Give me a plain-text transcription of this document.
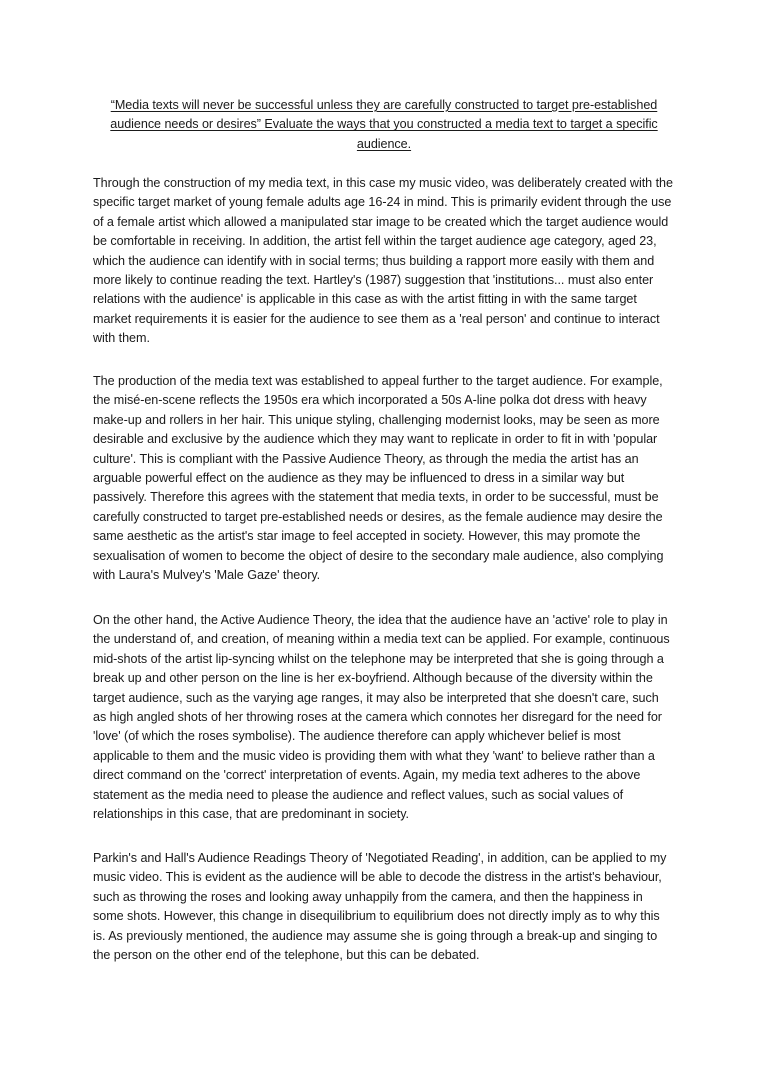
“Media texts will never be successful unless they are carefully constructed to target pre-established audience needs or desires” Evaluate the ways that you constructed a media text to target a specific audience.
Through the construction of my media text, in this case my music video, was deliberately created with the specific target market of young female adults age 16-24 in mind. This is primarily evident through the use of a female artist which allowed a manipulated star image to be created which the target audience would be comfortable in receiving. In addition, the artist fell within the target audience age category, aged 23, which the audience can identify with in social terms; thus building a rapport more easily with them and more likely to continue reading the text. Hartley's (1987) suggestion that 'institutions... must also enter relations with the audience' is applicable in this case as with the artist fitting in with the same target market requirements it is easier for the audience to see them as a 'real person' and continue to interact with them.
The production of the media text was established to appeal further to the target audience. For example, the misé-en-scene reflects the 1950s era which incorporated a 50s A-line polka dot dress with heavy make-up and rollers in her hair. This unique styling, challenging modernist looks, may be seen as more desirable and exclusive by the audience which they may want to replicate in order to fit in with 'popular culture'. This is compliant with the Passive Audience Theory, as through the media the artist has an arguable powerful effect on the audience as they may be influenced to dress in a similar way but passively. Therefore this agrees with the statement that media texts, in order to be successful, must be carefully constructed to target pre-established needs or desires, as the female audience may desire the same aesthetic as the artist's star image to feel accepted in society. However, this may promote the sexualisation of women to become the object of desire to the secondary male audience, also complying with Laura's Mulvey's 'Male Gaze' theory.
On the other hand, the Active Audience Theory, the idea that the audience have an 'active' role to play in the understand of, and creation, of meaning within a media text can be applied. For example, continuous mid-shots of the artist lip-syncing whilst on the telephone may be interpreted that she is going through a break up and other person on the line is her ex-boyfriend. Although because of the diversity within the target audience, such as the varying age ranges, it may also be interpreted that she doesn't care, such as high angled shots of her throwing roses at the camera which connotes her disregard for the need for 'love' (of which the roses symbolise). The audience therefore can apply whichever belief is most applicable to them and the music video is providing them with what they 'want' to believe rather than a direct command on the 'correct' interpretation of events. Again, my media text adheres to the above statement as the media need to please the audience and reflect values, such as social values of relationships in this case, that are predominant in society.
Parkin's and Hall's Audience Readings Theory of 'Negotiated Reading', in addition, can be applied to my music video. This is evident as the audience will be able to decode the distress in the artist's behaviour, such as throwing the roses and looking away unhappily from the camera, and then the happiness in some shots. However, this change in disequilibrium to equilibrium does not directly imply as to why this is. As previously mentioned, the audience may assume she is going through a break-up and singing to the person on the other end of the telephone, but this can be debated.
